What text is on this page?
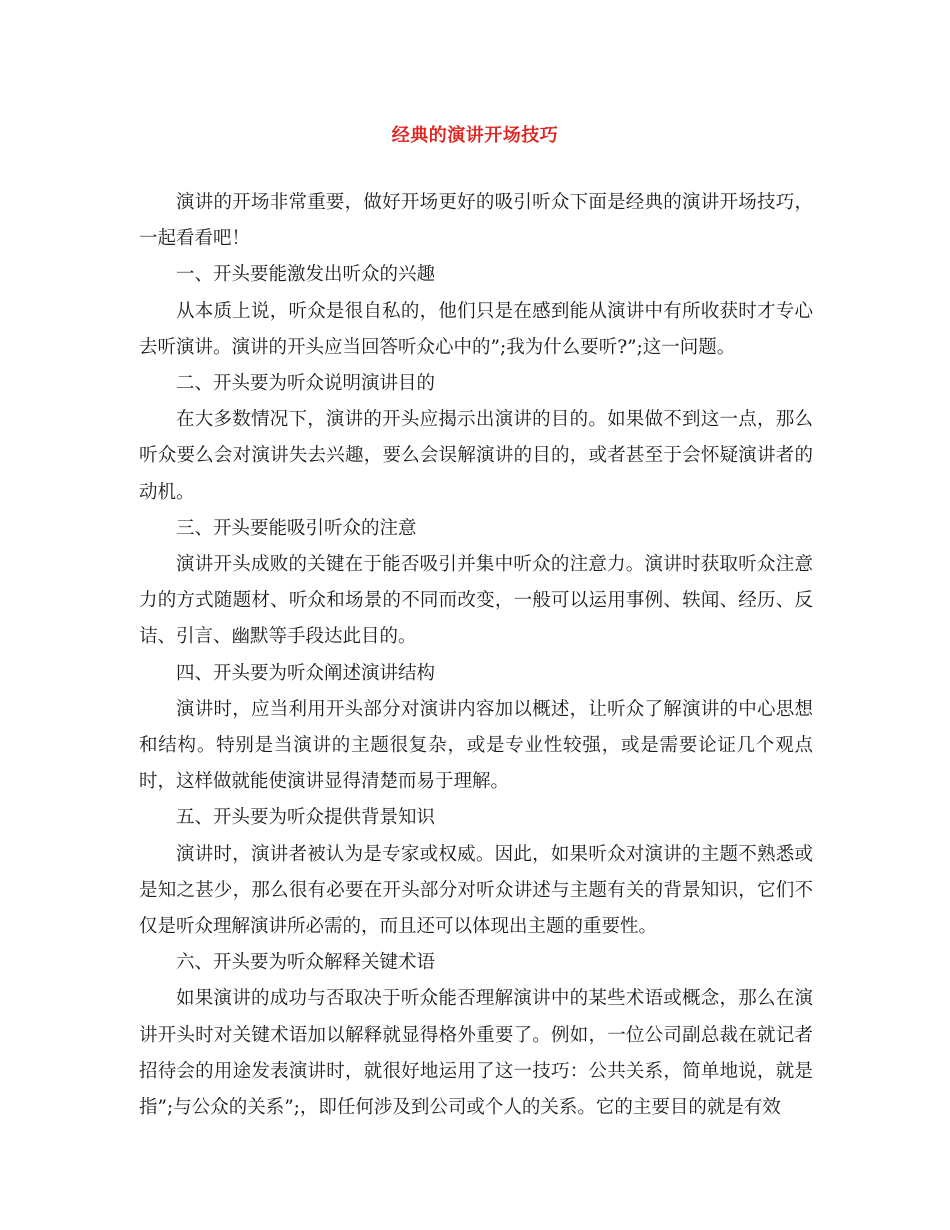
经典的演讲开场技巧

演讲的开场非常重要，做好开场更好的吸引听众下面是经典的演讲开场技巧，一起看看吧！

一、开头要能激发出听众的兴趣

从本质上说，听众是很自私的，他们只是在感到能从演讲中有所收获时才专心去听演讲。演讲的开头应当回答听众心中的”;我为什么要听?”;这一问题。

二、开头要为听众说明演讲目的

在大多数情况下，演讲的开头应揭示出演讲的目的。如果做不到这一点，那么听众要么会对演讲失去兴趣，要么会误解演讲的目的，或者甚至于会怀疑演讲者的动机。

三、开头要能吸引听众的注意

演讲开头成败的关键在于能否吸引并集中听众的注意力。演讲时获取听众注意力的方式随题材、听众和场景的不同而改变，一般可以运用事例、轶闻、经历、反诘、引言、幽默等手段达此目的。

四、开头要为听众阐述演讲结构

演讲时，应当利用开头部分对演讲内容加以概述，让听众了解演讲的中心思想和结构。特别是当演讲的主题很复杂，或是专业性较强，或是需要论证几个观点时，这样做就能使演讲显得清楚而易于理解。

五、开头要为听众提供背景知识

演讲时，演讲者被认为是专家或权威。因此，如果听众对演讲的主题不熟悉或是知之甚少，那么很有必要在开头部分对听众讲述与主题有关的背景知识，它们不仅是听众理解演讲所必需的，而且还可以体现出主题的重要性。

六、开头要为听众解释关键术语

如果演讲的成功与否取决于听众能否理解演讲中的某些术语或概念，那么在演讲开头时对关键术语加以解释就显得格外重要了。例如，一位公司副总裁在就记者招待会的用途发表演讲时，就很好地运用了这一技巧：公共关系，简单地说，就是指”;与公众的关系”;，即任何涉及到公司或个人的关系。它的主要目的就是有效
